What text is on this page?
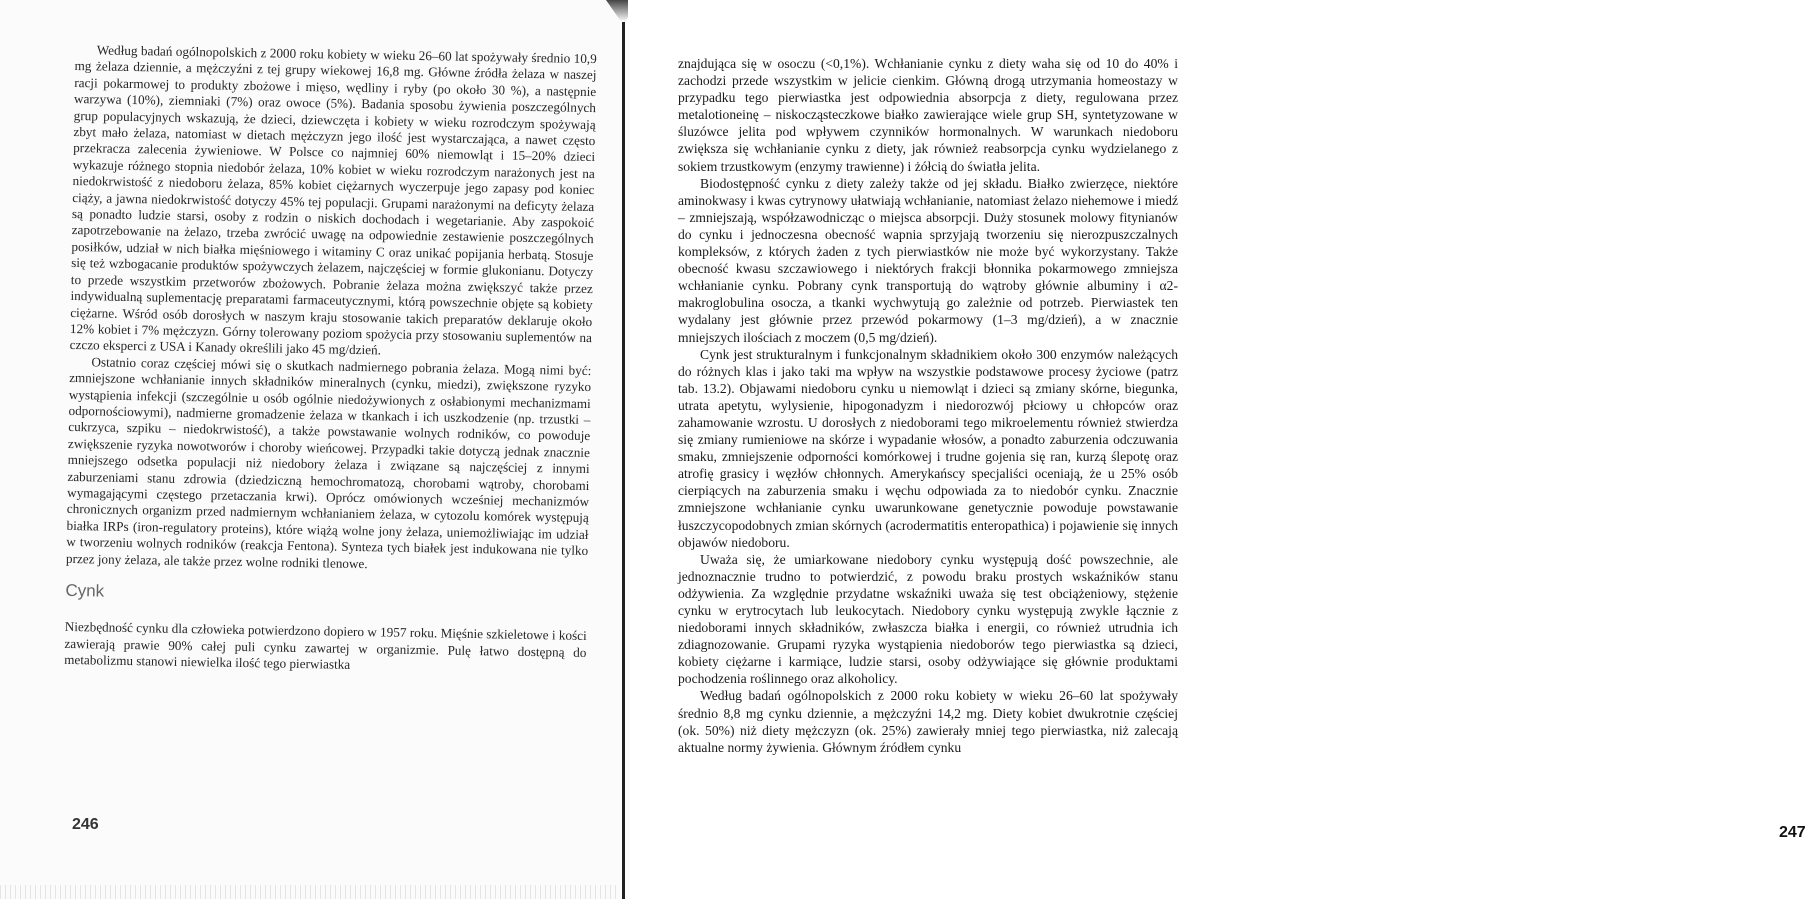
Według badań ogólnopolskich z 2000 roku kobiety w wieku 26–60 lat spożywały średnio 10,9 mg żelaza dziennie, a mężczyźni z tej grupy wiekowej 16,8 mg. Główne źródła żelaza w naszej racji pokarmowej to produkty zbożowe i mięso, wędliny i ryby (po około 30 %), a następnie warzywa (10%), ziemniaki (7%) oraz owoce (5%). Badania sposobu żywienia poszczególnych grup populacyjnych wskazują, że dzieci, dziewczęta i kobiety w wieku rozrodczym spożywają zbyt mało żelaza, natomiast w dietach mężczyzn jego ilość jest wystarczająca, a nawet często przekracza zalecenia żywieniowe. W Polsce co najmniej 60% niemowląt i 15–20% dzieci wykazuje różnego stopnia niedobór żelaza, 10% kobiet w wieku rozrodczym narażonych jest na niedokrwistość z niedoboru żelaza, 85% kobiet ciężarnych wyczerpuje jego zapasy pod koniec ciąży, a jawna niedokrwistość dotyczy 45% tej populacji. Grupami narażonymi na deficyty żelaza są ponadto ludzie starsi, osoby z rodzin o niskich dochodach i wegetarianie. Aby zaspokoić zapotrzebowanie na żelazo, trzeba zwrócić uwagę na odpowiednie zestawienie poszczególnych posiłków, udział w nich białka mięśniowego i witaminy C oraz unikać popijania herbatą. Stosuje się też wzbogacanie produktów spożywczych żelazem, najczęściej w formie glukonianu. Dotyczy to przede wszystkim przetworów zbożowych. Pobranie żelaza można zwiększyć także przez indywidualną suplementację preparatami farmaceutycznymi, którą powszechnie objęte są kobiety ciężarne. Wśród osób dorosłych w naszym kraju stosowanie takich preparatów deklaruje około 12% kobiet i 7% mężczyzn. Górny tolerowany poziom spożycia przy stosowaniu suplementów na czczo eksperci z USA i Kanady określili jako 45 mg/dzień.

Ostatnio coraz częściej mówi się o skutkach nadmiernego pobrania żelaza. Mogą nimi być: zmniejszone wchłanianie innych składników mineralnych (cynku, miedzi), zwiększone ryzyko wystąpienia infekcji (szczególnie u osób ogólnie niedożywionych z osłabionymi mechanizmami odpornościowymi), nadmierne gromadzenie żelaza w tkankach i ich uszkodzenie (np. trzustki – cukrzyca, szpiku – niedokrwistość), a także powstawanie wolnych rodników, co powoduje zwiększenie ryzyka nowotworów i choroby wieńcowej. Przypadki takie dotyczą jednak znacznie mniejszego odsetka populacji niż niedobory żelaza i związane są najczęściej z innymi zaburzeniami stanu zdrowia (dziedziczną hemochromatozą, chorobami wątroby, chorobami wymagającymi częstego przetaczania krwi). Oprócz omówionych wcześniej mechanizmów chronicznych organizm przed nadmiernym wchłanianiem żelaza, w cytozolu komórek występują białka IRPs (iron-regulatory proteins), które wiążą wolne jony żelaza, uniemożliwiając im udział w tworzeniu wolnych rodników (reakcja Fentona). Synteza tych białek jest indukowana nie tylko przez jony żelaza, ale także przez wolne rodniki tlenowe.

Cynk

Niezbędność cynku dla człowieka potwierdzono dopiero w 1957 roku. Mięśnie szkieletowe i kości zawierają prawie 90% całej puli cynku zawartej w organizmie. Pulę łatwo dostępną do metabolizmu stanowi niewielka ilość tego pierwiastka

246

znajdująca się w osoczu (<0,1%). Wchłanianie cynku z diety waha się od 10 do 40% i zachodzi przede wszystkim w jelicie cienkim. Główną drogą utrzymania homeostazy w przypadku tego pierwiastka jest odpowiednia absorpcja z diety, regulowana przez metalotioneinę – niskocząsteczkowe białko zawierające wiele grup SH, syntetyzowane w śluzówce jelita pod wpływem czynników hormonalnych. W warunkach niedoboru zwiększa się wchłanianie cynku z diety, jak również reabsorpcja cynku wydzielanego z sokiem trzustkowym (enzymy trawienne) i żółcią do światła jelita.

Biodostępność cynku z diety zależy także od jej składu. Białko zwierzęce, niektóre aminokwasy i kwas cytrynowy ułatwiają wchłanianie, natomiast żelazo niehemowe i miedź – zmniejszają, współzawodnicząc o miejsca absorpcji. Duży stosunek molowy fitynianów do cynku i jednoczesna obecność wapnia sprzyjają tworzeniu się nierozpuszczalnych kompleksów, z których żaden z tych pierwiastków nie może być wykorzystany. Także obecność kwasu szczawiowego i niektórych frakcji błonnika pokarmowego zmniejsza wchłanianie cynku. Pobrany cynk transportują do wątroby głównie albuminy i α2-makroglobulina osocza, a tkanki wychwytują go zależnie od potrzeb. Pierwiastek ten wydalany jest głównie przez przewód pokarmowy (1–3 mg/dzień), a w znacznie mniejszych ilościach z moczem (0,5 mg/dzień).

Cynk jest strukturalnym i funkcjonalnym składnikiem około 300 enzymów należących do różnych klas i jako taki ma wpływ na wszystkie podstawowe procesy życiowe (patrz tab. 13.2). Objawami niedoboru cynku u niemowląt i dzieci są zmiany skórne, biegunka, utrata apetytu, wylysienie, hipogonadyzm i niedorozwój płciowy u chłopców oraz zahamowanie wzrostu. U dorosłych z niedoborami tego mikroelementu również stwierdza się zmiany rumieniowe na skórze i wypadanie włosów, a ponadto zaburzenia odczuwania smaku, zmniejszenie odporności komórkowej i trudne gojenia się ran, kurzą ślepotę oraz atrofię grasicy i węzłów chłonnych. Amerykańscy specjaliści oceniają, że u 25% osób cierpiących na zaburzenia smaku i węchu odpowiada za to niedobór cynku. Znacznie zmniejszone wchłanianie cynku uwarunkowane genetycznie powoduje powstawanie łuszczycopodobnych zmian skórnych (acrodermatitis enteropathica) i pojawienie się innych objawów niedoboru.

Uważa się, że umiarkowane niedobory cynku występują dość powszechnie, ale jednoznacznie trudno to potwierdzić, z powodu braku prostych wskaźników stanu odżywienia. Za względnie przydatne wskaźniki uważa się test obciążeniowy, stężenie cynku w erytrocytach lub leukocytach. Niedobory cynku występują zwykle łącznie z niedoborami innych składników, zwłaszcza białka i energii, co również utrudnia ich zdiagnozowanie. Grupami ryzyka wystąpienia niedoborów tego pierwiastka są dzieci, kobiety ciężarne i karmiące, ludzie starsi, osoby odżywiające się głównie produktami pochodzenia roślinnego oraz alkoholicy.

Według badań ogólnopolskich z 2000 roku kobiety w wieku 26–60 lat spożywały średnio 8,8 mg cynku dziennie, a mężczyźni 14,2 mg. Diety kobiet dwukrotnie częściej (ok. 50%) niż diety mężczyzn (ok. 25%) zawierały mniej tego pierwiastka, niż zalecają aktualne normy żywienia. Głównym źródłem cynku

247
